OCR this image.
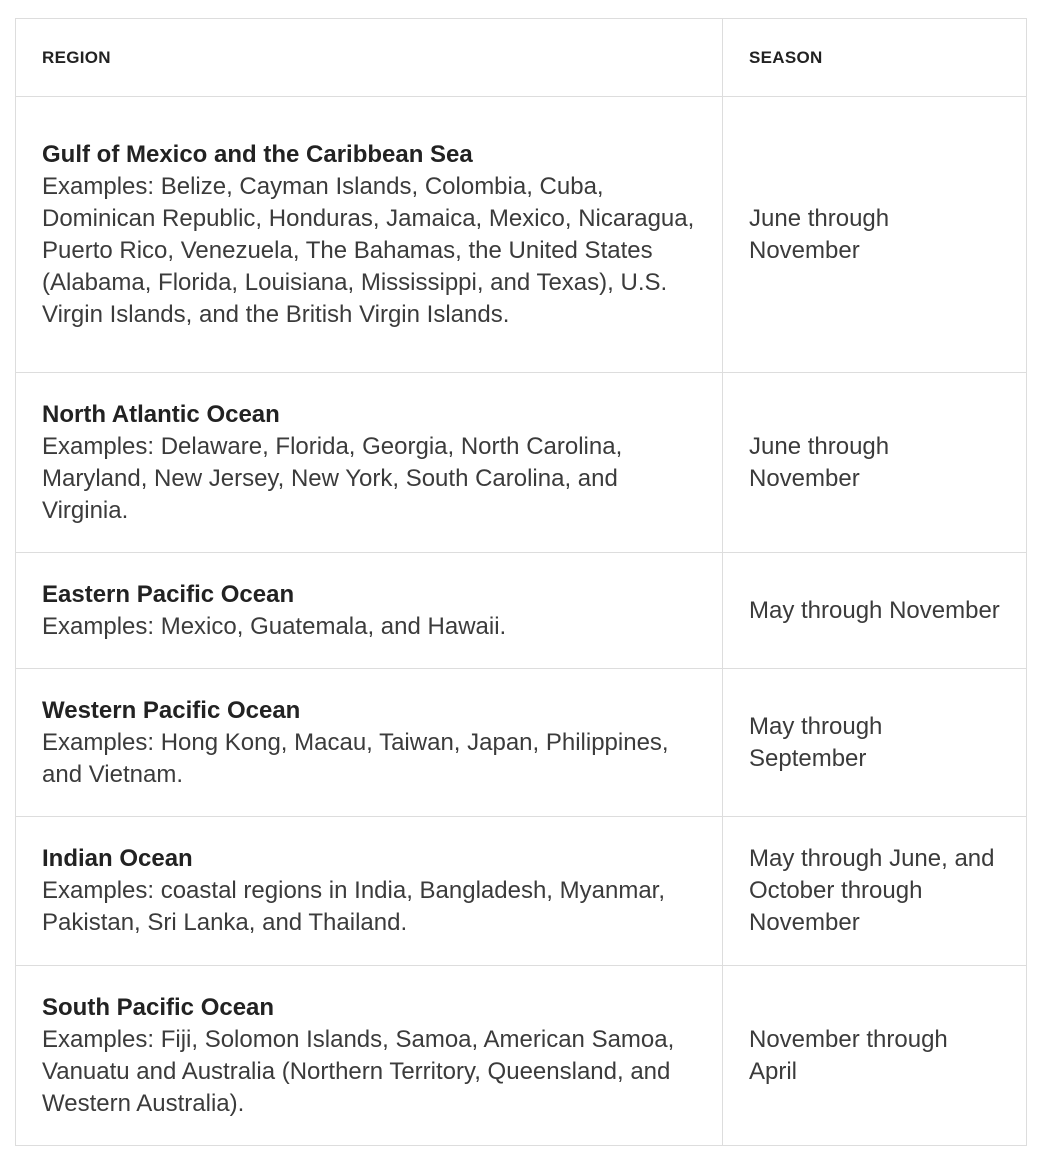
REGION	SEASON

Gulf of Mexico and the Caribbean Sea
Examples: Belize, Cayman Islands, Colombia, Cuba, Dominican Republic, Honduras, Jamaica, Mexico, Nicaragua, Puerto Rico, Venezuela, The Bahamas, the United States (Alabama, Florida, Louisiana, Mississippi, and Texas), U.S. Virgin Islands, and the British Virgin Islands.	June through November

North Atlantic Ocean
Examples: Delaware, Florida, Georgia, North Carolina, Maryland, New Jersey, New York, South Carolina, and Virginia.	June through November

Eastern Pacific Ocean
Examples: Mexico, Guatemala, and Hawaii.	May through November

Western Pacific Ocean
Examples: Hong Kong, Macau, Taiwan, Japan, Philippines, and Vietnam.	May through September

Indian Ocean
Examples: coastal regions in India, Bangladesh, Myanmar, Pakistan, Sri Lanka, and Thailand.	May through June, and October through November

South Pacific Ocean
Examples: Fiji, Solomon Islands, Samoa, American Samoa, Vanuatu and Australia (Northern Territory, Queensland, and Western Australia).	November through April
